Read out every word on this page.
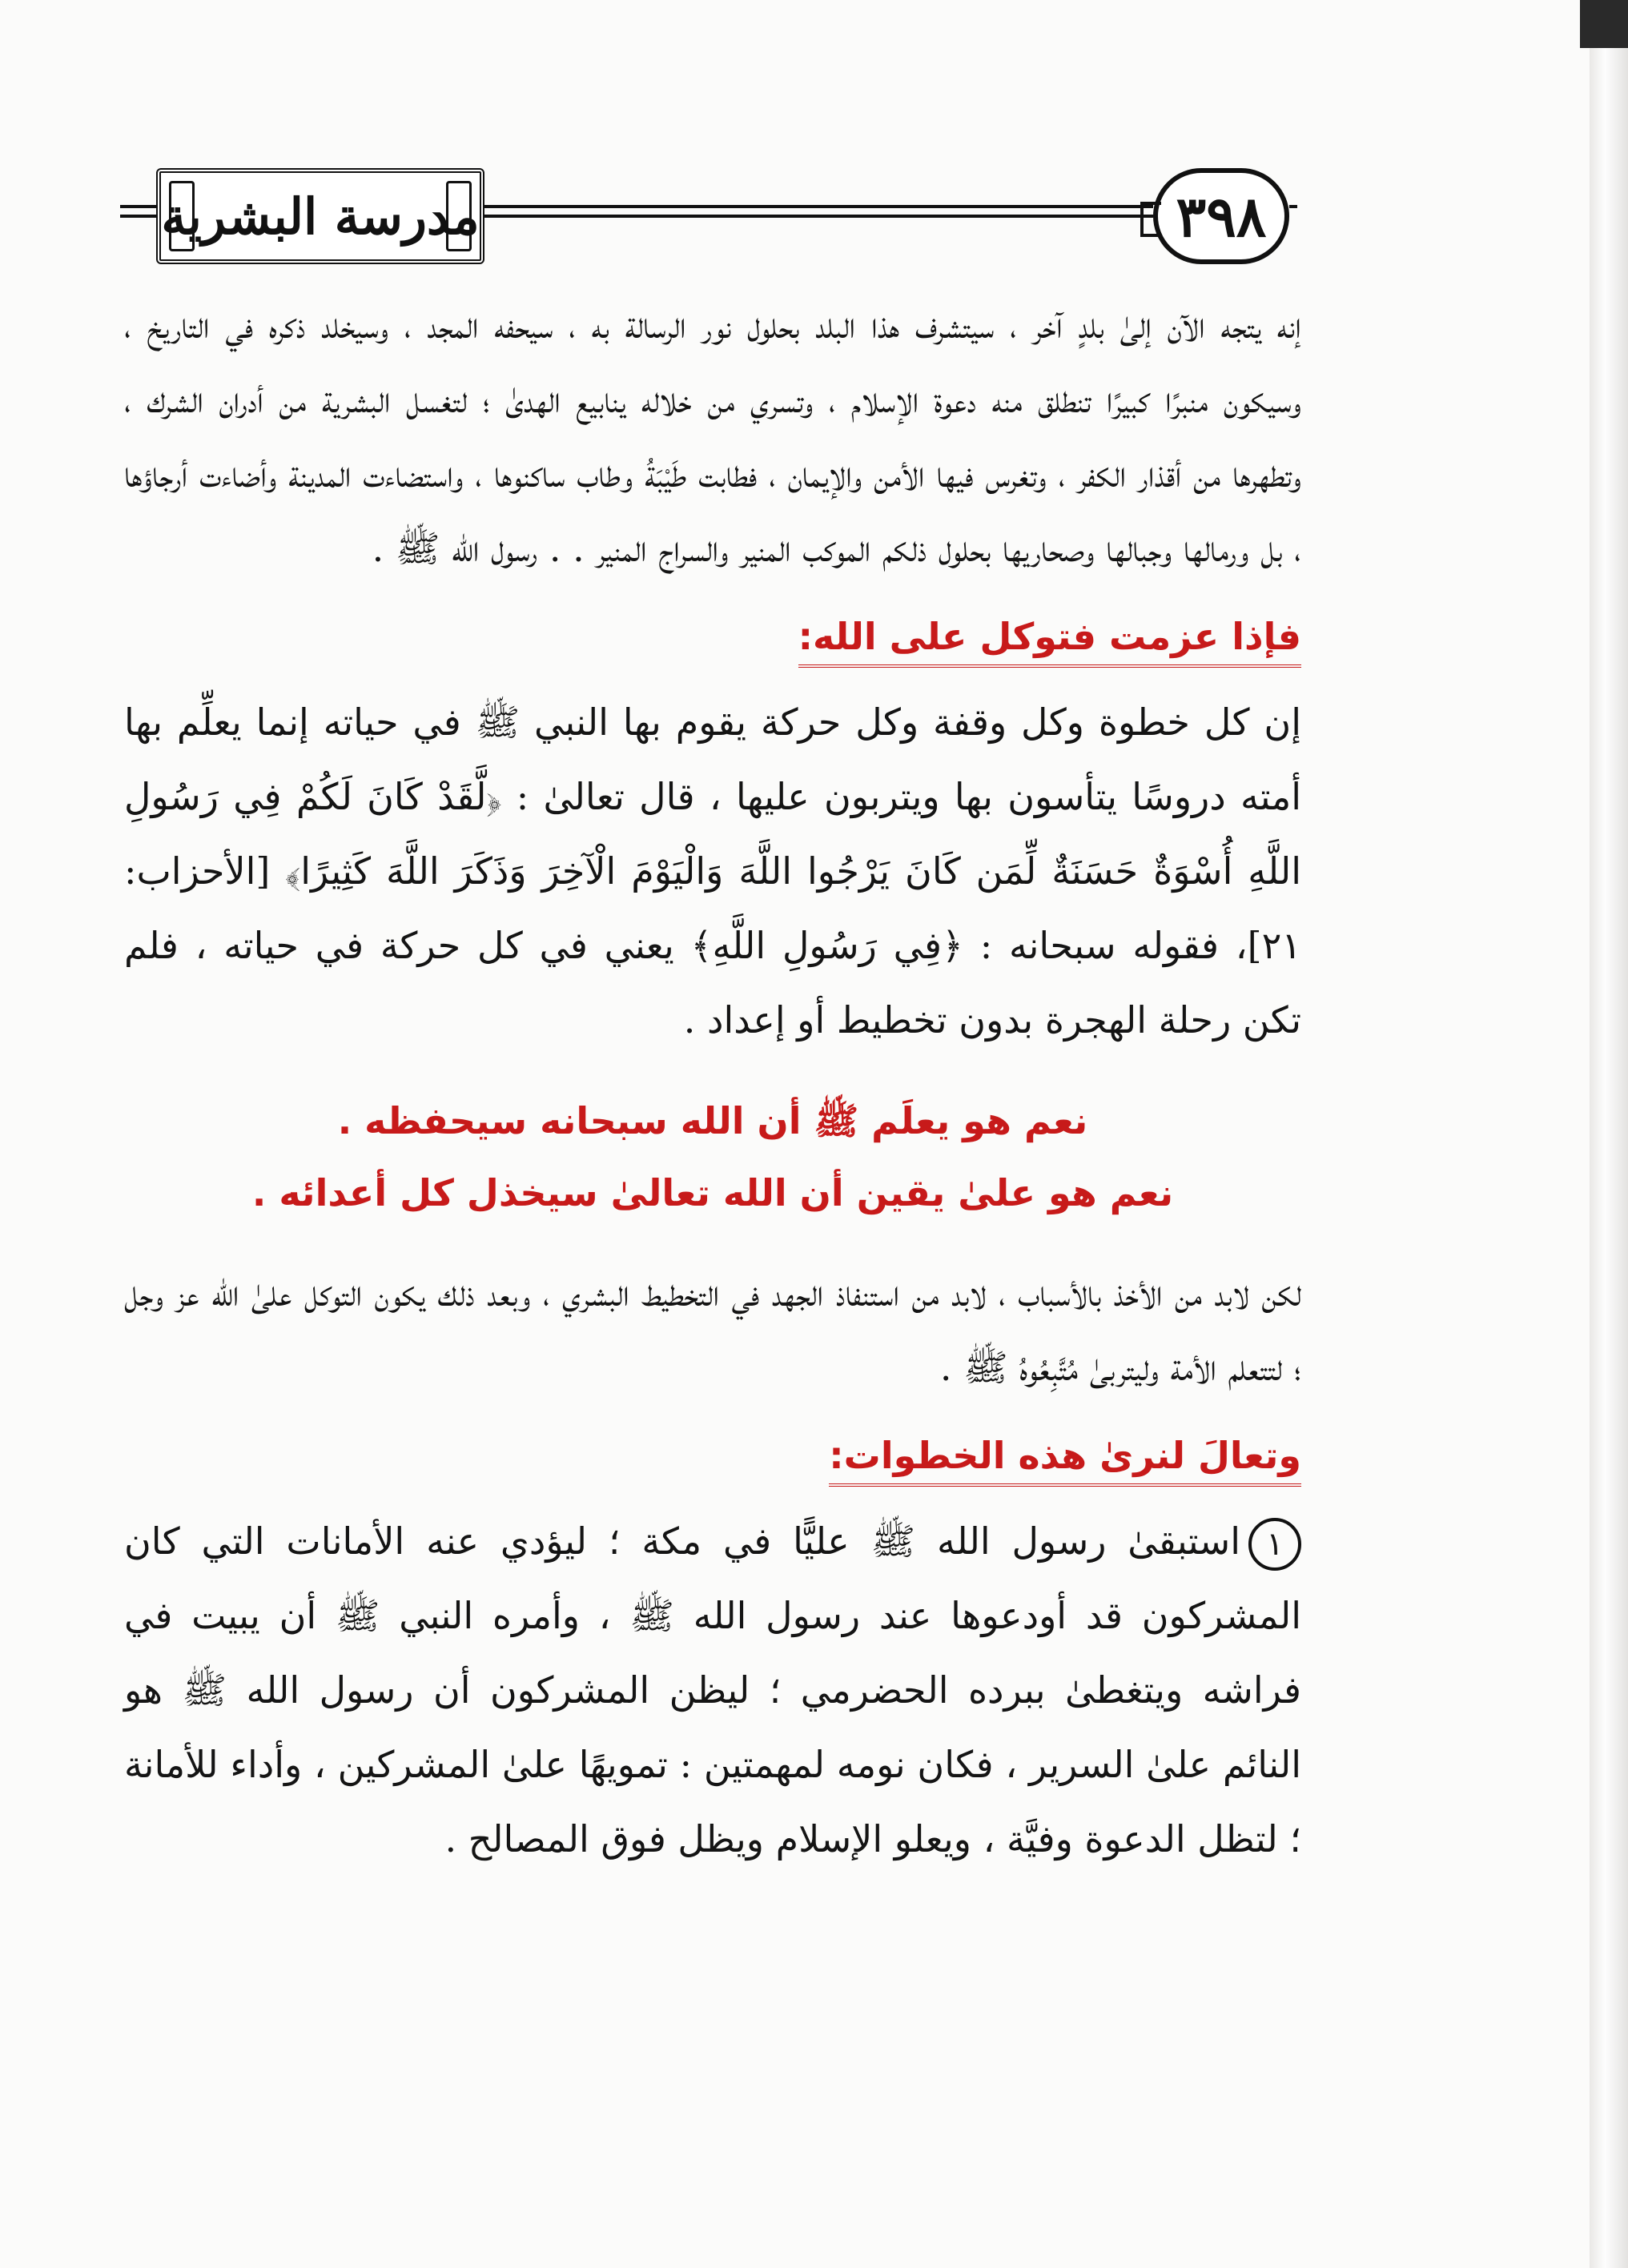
مدرسة البشرية	٣٩٨

إنه يتجه الآن إلىٰ بلدٍ آخر ، سيتشرف هذا البلد بحلول نور الرسالة به ، سيحفه المجد ، وسيخلد ذكره في التاريخ ، وسيكون منبرًا كبيرًا تنطلق منه دعوة الإسلام ، وتسري من خلاله ينابيع الهدىٰ ؛ لتغسل البشرية من أدران الشرك ، وتطهرها من أقذار الكفر ، وتغرس فيها الأمن والإيمان ، فطابت طَيْبَةُ وطاب ساكنوها ، واستضاءت المدينة وأضاءت أرجاؤها ، بل ورمالها وجبالها وصحاريها بحلول ذلكم الموكب المنير والسراج المنير . . رسول الله ﷺ .

فإذا عزمت فتوكل على الله:

إن كل خطوة وكل وقفة وكل حركة يقوم بها النبي ﷺ في حياته إنما يعلِّم بها أمته دروسًا يتأسون بها ويتربون عليها ، قال تعالىٰ : ﴿لَّقَدْ كَانَ لَكُمْ فِي رَسُولِ اللَّهِ أُسْوَةٌ حَسَنَةٌ لِّمَن كَانَ يَرْجُوا اللَّهَ وَالْيَوْمَ الْآخِرَ وَذَكَرَ اللَّهَ كَثِيرًا﴾ [الأحزاب: ٢١]، فقوله سبحانه : ﴿فِي رَسُولِ اللَّهِ﴾ يعني في كل حركة في حياته ، فلم تكن رحلة الهجرة بدون تخطيط أو إعداد .

نعم هو يعلَم ﷺ أن الله سبحانه سيحفظه .

نعم هو علىٰ يقين أن الله تعالىٰ سيخذل كل أعدائه .

لكن لابد من الأخذ بالأسباب ، لابد من استنفاذ الجهد في التخطيط البشري ، وبعد ذلك يكون التوكل علىٰ الله عز وجل ؛ لتتعلم الأمة وليتربىٰ مُتَّبِعُوهُ ﷺ .

وتعالَ لنرىٰ هذه الخطوات:

١استبقىٰ رسول الله ﷺ عليًّا في مكة ؛ ليؤدي عنه الأمانات التي كان المشركون قد أودعوها عند رسول الله ﷺ ، وأمره النبي ﷺ أن يبيت في فراشه ويتغطىٰ ببرده الحضرمي ؛ ليظن المشركون أن رسول الله ﷺ هو النائم علىٰ السرير ، فكان نومه لمهمتين : تمويهًا علىٰ المشركين ، وأداء للأمانة ؛ لتظل الدعوة وفيَّة ، ويعلو الإسلام ويظل فوق المصالح .
